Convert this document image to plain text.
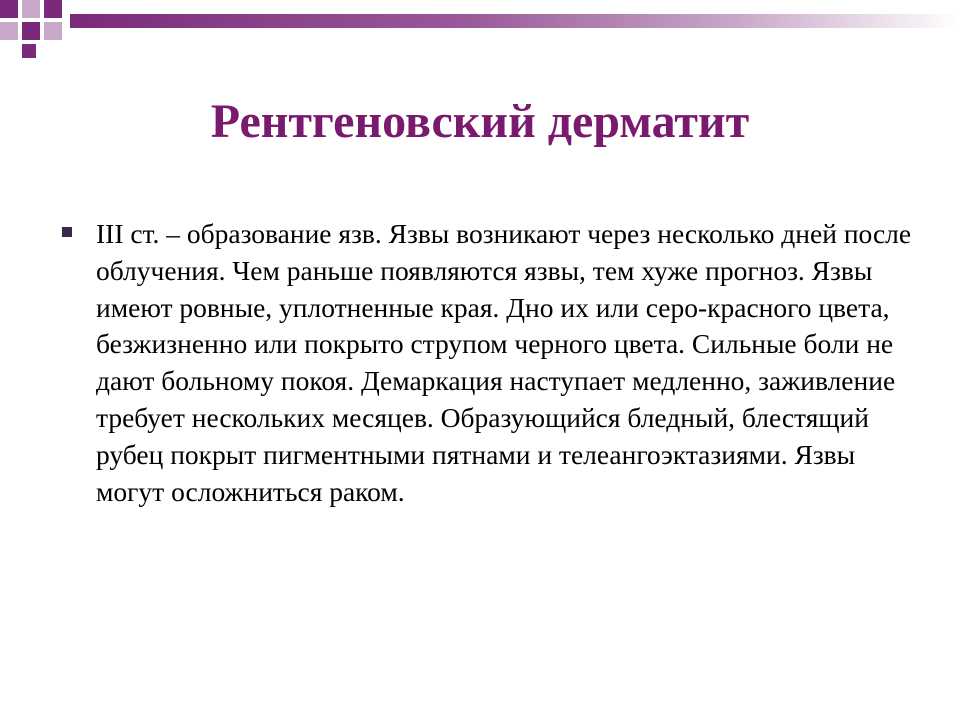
Рентгеновский дерматит
III ст. – образование язв. Язвы возникают через несколько дней после облучения. Чем раньше появляются язвы, тем хуже прогноз. Язвы имеют ровные, уплотненные края. Дно их или серо-красного цвета, безжизненно или покрыто струпом черного цвета. Сильные боли не дают больному покоя. Демаркация наступает медленно, заживление требует нескольких месяцев. Образующийся бледный, блестящий рубец покрыт пигментными пятнами и телеангоэктазиями. Язвы могут осложниться раком.
